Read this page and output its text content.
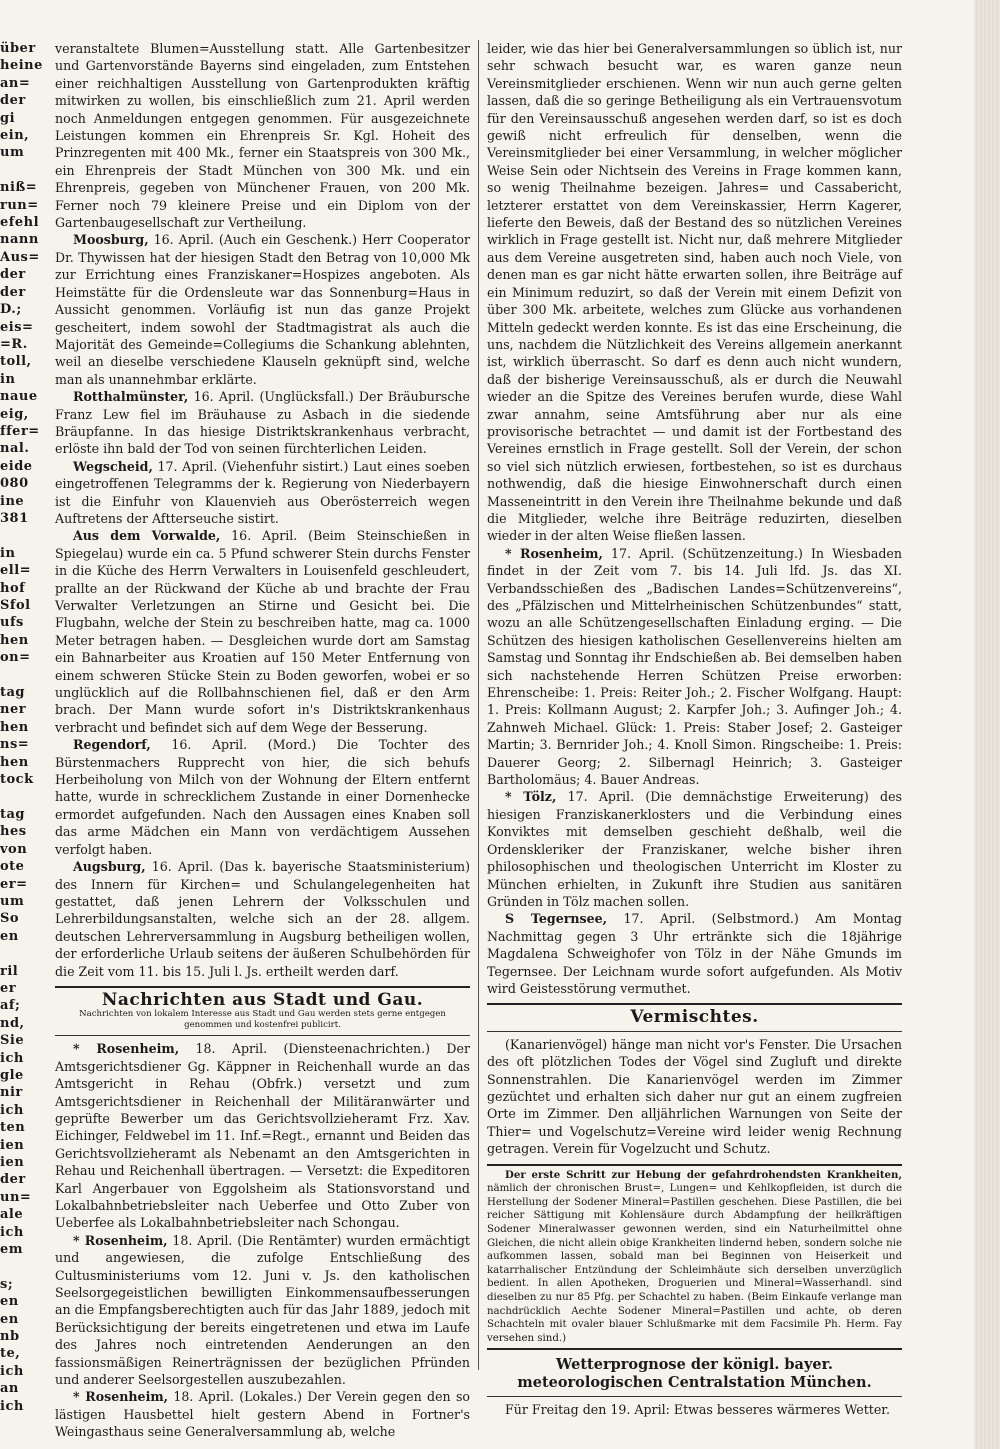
über
heine
an=
der
gi
ein,
um

niß=
run=
efehl
nann
Aus=
der
der
D.;
eis=
=R.
toll,
in
naue
eig,
ffer=
nal.
eide
080
ine
381

in
ell=
hof
Sfol
ufs
hen
on=

tag
ner
hen
ns=
hen
tock

tag
hes
von
ote
er=
um
So
en

ril
er
af;
nd,
Sie
ich
gle
nir
ich
ten
ien
ien
der
un=
ale
ich
em

s;
en
en
nb
te,
ich
an
ich

veranstaltete Blumen=Ausstellung statt. Alle Gartenbesitzer und Gartenvorstände Bayerns sind eingeladen, zum Entstehen einer reichhaltigen Ausstellung von Gartenprodukten kräftig mitwirken zu wollen, bis einschließlich zum 21. April werden noch Anmeldungen entgegen genommen. Für ausgezeichnete Leistungen kommen ein Ehrenpreis Sr. Kgl. Hoheit des Prinzregenten mit 400 Mk., ferner ein Staatspreis von 300 Mk., ein Ehrenpreis der Stadt München von 300 Mk. und ein Ehrenpreis, gegeben von Münchener Frauen, von 200 Mk. Ferner noch 79 kleinere Preise und ein Diplom von der Gartenbaugesellschaft zur Vertheilung.

Moosburg, 16. April. (Auch ein Geschenk.) Herr Cooperator Dr. Thywissen hat der hiesigen Stadt den Betrag von 10,000 Mk zur Errichtung eines Franziskaner=Hospizes angeboten. Als Heimstätte für die Ordensleute war das Sonnenburg=Haus in Aussicht genommen. Vorläufig ist nun das ganze Projekt gescheitert, indem sowohl der Stadtmagistrat als auch die Majorität des Gemeinde=Collegiums die Schankung ablehnten, weil an dieselbe verschiedene Klauseln geknüpft sind, welche man als unannehmbar erklärte.

Rotthalmünster, 16. April. (Unglücksfall.) Der Bräubursche Franz Lew fiel im Bräuhause zu Asbach in die siedende Bräupfanne. In das hiesige Distriktskrankenhaus verbracht, erlöste ihn bald der Tod von seinen fürchterlichen Leiden.

Wegscheid, 17. April. (Viehenfuhr sistirt.) Laut eines soeben eingetroffenen Telegramms der k. Regierung von Niederbayern ist die Einfuhr von Klauenvieh aus Oberösterreich wegen Auftretens der Aftterseuche sistirt.

Aus dem Vorwalde, 16. April. (Beim Steinschießen in Spiegelau) wurde ein ca. 5 Pfund schwerer Stein durchs Fenster in die Küche des Herrn Verwalters in Louisenfeld geschleudert, prallte an der Rückwand der Küche ab und brachte der Frau Verwalter Verletzungen an Stirne und Gesicht bei. Die Flugbahn, welche der Stein zu beschreiben hatte, mag ca. 1000 Meter betragen haben. — Desgleichen wurde dort am Samstag ein Bahnarbeiter aus Kroatien auf 150 Meter Entfernung von einem schweren Stücke Stein zu Boden geworfen, wobei er so unglücklich auf die Rollbahnschienen fiel, daß er den Arm brach. Der Mann wurde sofort in's Distriktskrankenhaus verbracht und befindet sich auf dem Wege der Besserung.

Regendorf, 16. April. (Mord.) Die Tochter des Bürstenmachers Rupprecht von hier, die sich behufs Herbeiholung von Milch von der Wohnung der Eltern entfernt hatte, wurde in schrecklichem Zustande in einer Dornenhecke ermordet aufgefunden. Nach den Aussagen eines Knaben soll das arme Mädchen ein Mann von verdächtigem Aussehen verfolgt haben.

Augsburg, 16. April. (Das k. bayerische Staatsministerium) des Innern für Kirchen= und Schulangelegenheiten hat gestattet, daß jenen Lehrern der Volksschulen und Lehrerbildungsanstalten, welche sich an der 28. allgem. deutschen Lehrerversammlung in Augsburg betheiligen wollen, der erforderliche Urlaub seitens der äußeren Schulbehörden für die Zeit vom 11. bis 15. Juli l. Js. ertheilt werden darf.

Nachrichten aus Stadt und Gau.
Nachrichten von lokalem Interesse aus Stadt und Gau werden stets gerne entgegen genommen und kostenfrei publicirt.

* Rosenheim, 18. April. (Diensteenachrichten.) Der Amtsgerichtsdiener Gg. Käppner in Reichenhall wurde an das Amtsgericht in Rehau (Obfrk.) versetzt und zum Amtsgerichtsdiener in Reichenhall der Militäranwärter und geprüfte Bewerber um das Gerichtsvollzieheramt Frz. Xav. Eichinger, Feldwebel im 11. Inf.=Regt., ernannt und Beiden das Gerichtsvollzieheramt als Nebenamt an den Amtsgerichten in Rehau und Reichenhall übertragen. — Versetzt: die Expeditoren Karl Angerbauer von Eggolsheim als Stationsvorstand und Lokalbahnbetriebsleiter nach Ueberfee und Otto Zuber von Ueberfee als Lokalbahnbetriebsleiter nach Schongau.

* Rosenheim, 18. April. (Die Rentämter) wurden ermächtigt und angewiesen, die zufolge Entschließung des Cultusministeriums vom 12. Juni v. Js. den katholischen Seelsorgegeistlichen bewilligten Einkommensaufbesserungen an die Empfangsberechtigten auch für das Jahr 1889, jedoch mit Berücksichtigung der bereits eingetretenen und etwa im Laufe des Jahres noch eintretenden Aenderungen an den fassionsmäßigen Reinerträgnissen der bezüglichen Pfründen und anderer Seelsorgestellen auszubezahlen.

* Rosenheim, 18. April. (Lokales.) Der Verein gegen den so lästigen Hausbettel hielt gestern Abend in Fortner's Weingasthaus seine Generalversammlung ab, welche

leider, wie das hier bei Generalversammlungen so üblich ist, nur sehr schwach besucht war, es waren ganze neun Vereinsmitglieder erschienen. Wenn wir nun auch gerne gelten lassen, daß die so geringe Betheiligung als ein Vertrauensvotum für den Vereinsausschuß angesehen werden darf, so ist es doch gewiß nicht erfreulich für denselben, wenn die Vereinsmitglieder bei einer Versammlung, in welcher möglicher Weise Sein oder Nichtsein des Vereins in Frage kommen kann, so wenig Theilnahme bezeigen. Jahres= und Cassabericht, letzterer erstattet von dem Vereinskassier, Herrn Kagerer, lieferte den Beweis, daß der Bestand des so nützlichen Vereines wirklich in Frage gestellt ist. Nicht nur, daß mehrere Mitglieder aus dem Vereine ausgetreten sind, haben auch noch Viele, von denen man es gar nicht hätte erwarten sollen, ihre Beiträge auf ein Minimum reduzirt, so daß der Verein mit einem Defizit von über 300 Mk. arbeitete, welches zum Glücke aus vorhandenen Mitteln gedeckt werden konnte. Es ist das eine Erscheinung, die uns, nachdem die Nützlichkeit des Vereins allgemein anerkannt ist, wirklich überrascht. So darf es denn auch nicht wundern, daß der bisherige Vereinsausschuß, als er durch die Neuwahl wieder an die Spitze des Vereines berufen wurde, diese Wahl zwar annahm, seine Amtsführung aber nur als eine provisorische betrachtet — und damit ist der Fortbestand des Vereines ernstlich in Frage gestellt. Soll der Verein, der schon so viel sich nützlich erwiesen, fortbestehen, so ist es durchaus nothwendig, daß die hiesige Einwohnerschaft durch einen Masseneintritt in den Verein ihre Theilnahme bekunde und daß die Mitglieder, welche ihre Beiträge reduzirten, dieselben wieder in der alten Weise fließen lassen.

* Rosenheim, 17. April. (Schützenzeitung.) In Wiesbaden findet in der Zeit vom 7. bis 14. Juli lfd. Js. das XI. Verbandsschießen des „Badischen Landes=Schützenvereins“, des „Pfälzischen und Mittelrheinischen Schützenbundes“ statt, wozu an alle Schützengesellschaften Einladung erging. — Die Schützen des hiesigen katholischen Gesellenvereins hielten am Samstag und Sonntag ihr Endschießen ab. Bei demselben haben sich nachstehende Herren Schützen Preise erworben: Ehrenscheibe: 1. Preis: Reiter Joh.; 2. Fischer Wolfgang. Haupt: 1. Preis: Kollmann August; 2. Karpfer Joh.; 3. Aufinger Joh.; 4. Zahnweh Michael. Glück: 1. Preis: Staber Josef; 2. Gasteiger Martin; 3. Bernrider Joh.; 4. Knoll Simon. Ringscheibe: 1. Preis: Dauerer Georg; 2. Silbernagl Heinrich; 3. Gasteiger Bartholomäus; 4. Bauer Andreas.

* Tölz, 17. April. (Die demnächstige Erweiterung) des hiesigen Franziskanerklosters und die Verbindung eines Konviktes mit demselben geschieht deßhalb, weil die Ordenskleriker der Franziskaner, welche bisher ihren philosophischen und theologischen Unterricht im Kloster zu München erhielten, in Zukunft ihre Studien aus sanitären Gründen in Tölz machen sollen.

S Tegernsee, 17. April. (Selbstmord.) Am Montag Nachmittag gegen 3 Uhr ertränkte sich die 18jährige Magdalena Schweighofer von Tölz in der Nähe Gmunds im Tegernsee. Der Leichnam wurde sofort aufgefunden. Als Motiv wird Geistesstörung vermuthet.

Vermischtes.

(Kanarienvögel) hänge man nicht vor's Fenster. Die Ursachen des oft plötzlichen Todes der Vögel sind Zugluft und direkte Sonnenstrahlen. Die Kanarienvögel werden im Zimmer gezüchtet und erhalten sich daher nur gut an einem zugfreien Orte im Zimmer. Den alljährlichen Warnungen von Seite der Thier= und Vogelschutz=Vereine wird leider wenig Rechnung getragen. Verein für Vogelzucht und Schutz.

Der erste Schritt zur Hebung der gefahrdrohendsten Krankheiten, nämlich der chronischen Brust=, Lungen= und Kehlkopfleiden, ist durch die Herstellung der Sodener Mineral=Pastillen geschehen. Diese Pastillen, die bei reicher Sättigung mit Kohlensäure durch Abdampfung der heilkräftigen Sodener Mineralwasser gewonnen werden, sind ein Naturheilmittel ohne Gleichen, die nicht allein obige Krankheiten lindernd heben, sondern solche nie aufkommen lassen, sobald man bei Beginnen von Heiserkeit und katarrhalischer Entzündung der Schleimhäute sich derselben unverzüglich bedient. In allen Apotheken, Droguerien und Mineral=Wasserhandl. sind dieselben zu nur 85 Pfg. per Schachtel zu haben. (Beim Einkaufe verlange man nachdrücklich Aechte Sodener Mineral=Pastillen und achte, ob deren Schachteln mit ovaler blauer Schlußmarke mit dem Facsimile Ph. Herm. Fay versehen sind.)

Wetterprognose der königl. bayer. meteorologischen Centralstation München.

Für Freitag den 19. April: Etwas besseres wärmeres Wetter.
